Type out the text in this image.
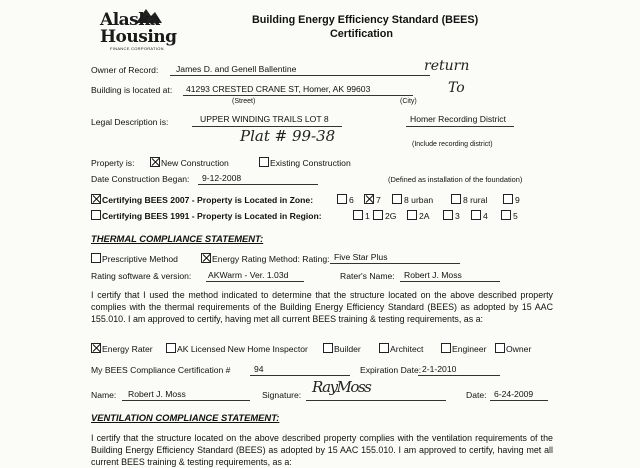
Alaska
Housing
FINANCE CORPORATION
Building Energy Efficiency Standard (BEES)
Certification
Owner of Record: James D. and Genell Ballentine	return
Building is located at: 41293 CRESTED CRANE ST, Homer, AK 99603
(Street)	(City)
To
Legal Description is:	UPPER WINDING TRAILS LOT 8	Homer Recording District
Plat # 99-38	(Include recording district)
Property is:	New Construction	Existing Construction
Date Construction Began: 9-12-2008	(Defined as installation of the foundation)
Certifying BEES 2007 - Property is Located in Zone:	6	7	8 urban	8 rural	9
Certifying BEES 1991 - Property is Located in Region:	1 2G	2A	3	4	5
THERMAL COMPLIANCE STATEMENT:
Prescriptive Method	Energy Rating Method: Rating: Five Star Plus
Rating software & version: AKWarm - Ver. 1.03d	Rater's Name: Robert J. Moss
I certify that I used the method indicated to determine that the structure located on the above described property complies with the thermal requirements of the Building Energy Efficiency Standard (BEES) as adopted by 15 AAC 155.010. I am approved to certify, having met all current BEES training & testing requirements, as a:
Energy Rater	AK Licensed New Home Inspector	Builder	Architect	Engineer Owner
My BEES Compliance Certification #	94	Expiration Date: 2-1-2010
Name: Robert J. Moss	Signature: RayMoss	Date: 6-24-2009
VENTILATION COMPLIANCE STATEMENT:
I certify that the structure located on the above described property complies with the ventilation requirements of the Building Energy Efficiency Standard (BEES) as adopted by 15 AAC 155.010. I am approved to certify, having met all current BEES training & testing requirements, as a:
